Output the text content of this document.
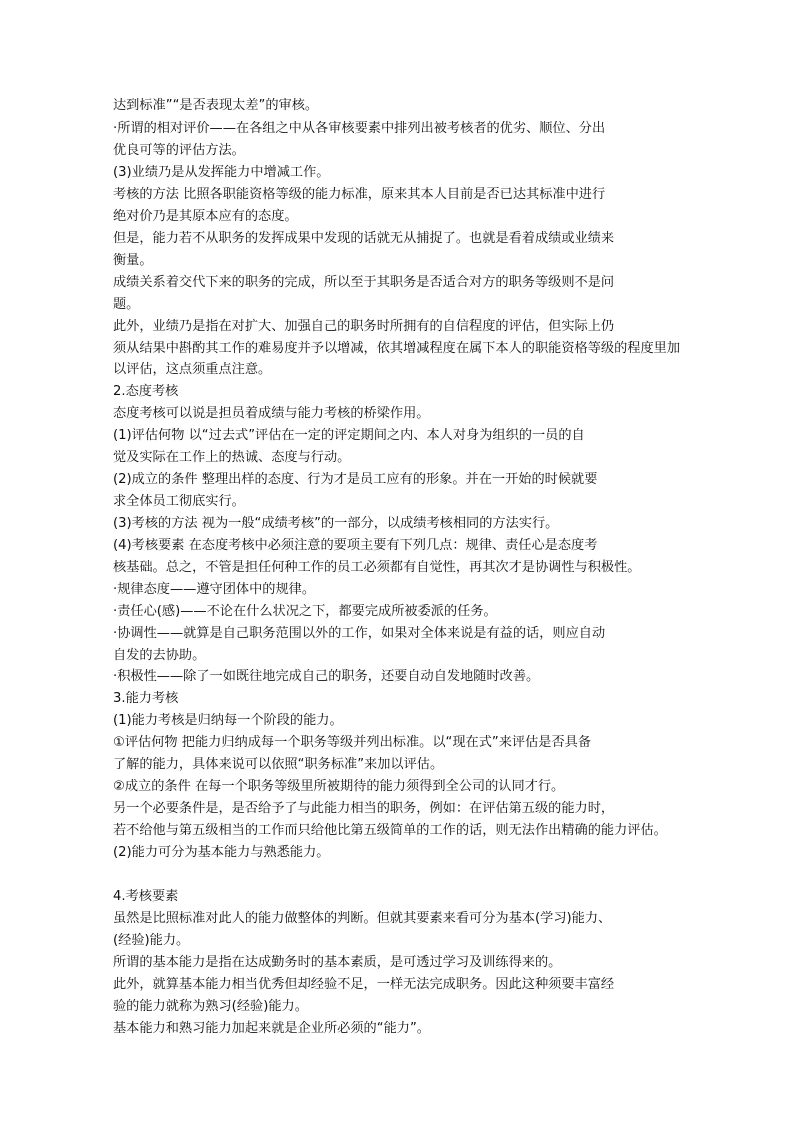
达到标准”“是否表现太差”的审核。
·所谓的相对评价——在各组之中从各审核要素中排列出被考核者的优劣、顺位、分出
优良可等的评估方法。
(3)业绩乃是从发挥能力中增减工作。
考核的方法 比照各职能资格等级的能力标准，原来其本人目前是否已达其标准中进行
绝对价乃是其原本应有的态度。
但是，能力若不从职务的发挥成果中发现的话就无从捕捉了。也就是看着成绩或业绩来
衡量。
成绩关系着交代下来的职务的完成，所以至于其职务是否适合对方的职务等级则不是问
题。
此外，业绩乃是指在对扩大、加强自己的职务时所拥有的自信程度的评估，但实际上仍
须从结果中斟酌其工作的难易度并予以增减，依其增减程度在属下本人的职能资格等级的程度里加
以评估，这点须重点注意。
2.态度考核
态度考核可以说是担员着成绩与能力考核的桥梁作用。
(1)评估何物 以“过去式”评估在一定的评定期间之内、本人对身为组织的一员的自
觉及实际在工作上的热诚、态度与行动。
(2)成立的条件 整理出样的态度、行为才是员工应有的形象。并在一开始的时候就要
求全体员工彻底实行。
(3)考核的方法 视为一般“成绩考核”的一部分，以成绩考核相同的方法实行。
(4)考核要素 在态度考核中必须注意的要项主要有下列几点：规律、责任心是态度考
核基础。总之，不管是担任何种工作的员工必须都有自觉性，再其次才是协调性与积极性。
·规律态度——遵守团体中的规律。
·责任心(感)——不论在什么状况之下，都要完成所被委派的任务。
·协调性——就算是自己职务范围以外的工作，如果对全体来说是有益的话，则应自动
自发的去协助。
·积极性——除了一如既往地完成自己的职务，还要自动自发地随时改善。
3.能力考核
(1)能力考核是归纳每一个阶段的能力。
①评估何物 把能力归纳成每一个职务等级并列出标准。以“现在式”来评估是否具备
了解的能力，具体来说可以依照“职务标准”来加以评估。
②成立的条件 在每一个职务等级里所被期待的能力须得到全公司的认同才行。
另一个必要条件是，是否给予了与此能力相当的职务，例如：在评估第五级的能力时，
若不给他与第五级相当的工作而只给他比第五级简单的工作的话，则无法作出精确的能力评估。
(2)能力可分为基本能力与熟悉能力。
4.考核要素
虽然是比照标准对此人的能力做整体的判断。但就其要素来看可分为基本(学习)能力、
(经验)能力。
所谓的基本能力是指在达成勤务时的基本素质，是可透过学习及训练得来的。
此外，就算基本能力相当优秀但却经验不足，一样无法完成职务。因此这种须要丰富经
验的能力就称为熟习(经验)能力。
基本能力和熟习能力加起来就是企业所必须的“能力”。
